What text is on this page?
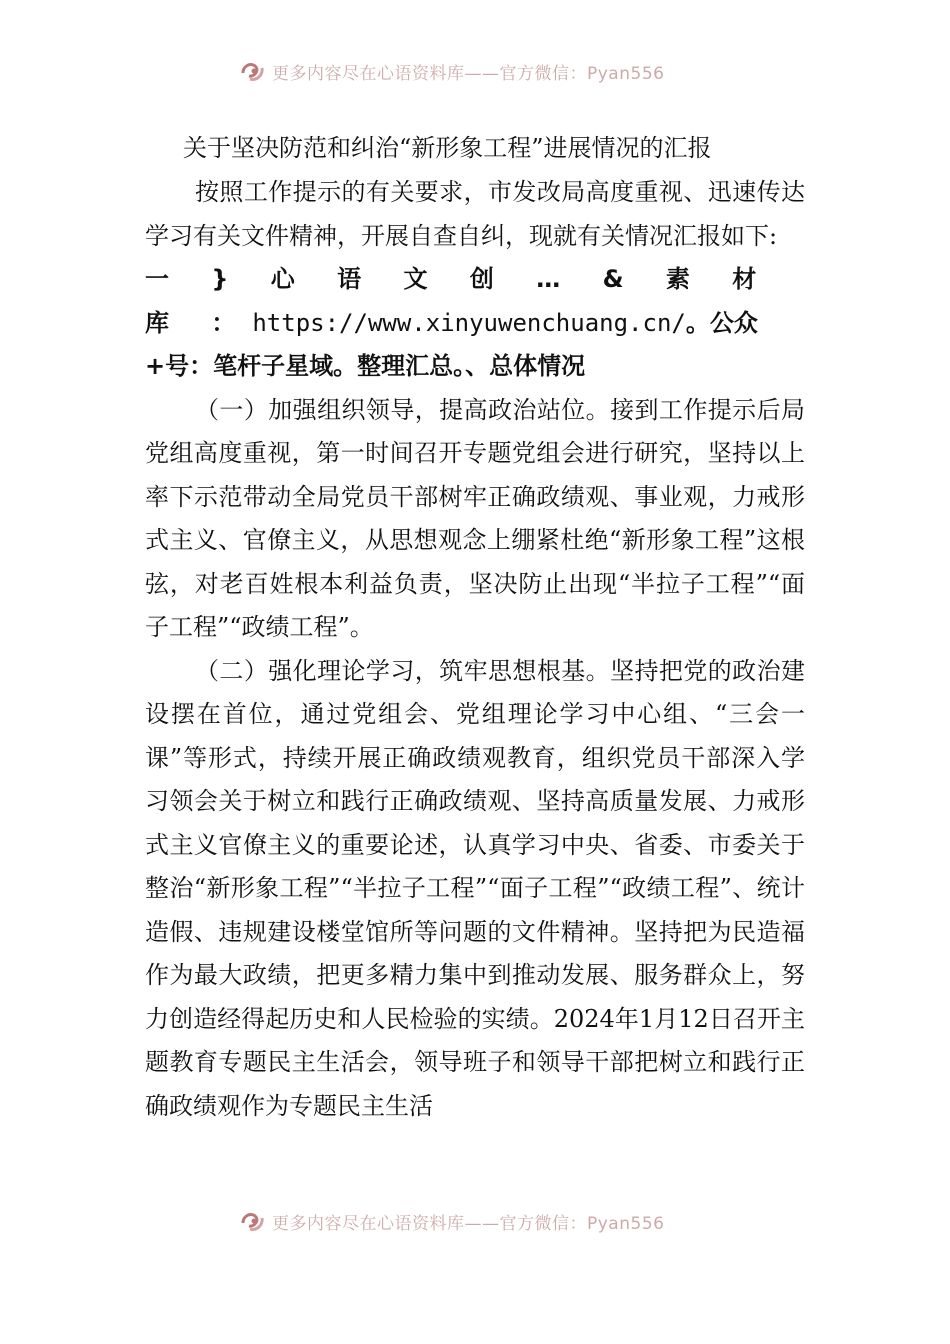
更多内容尽在心语资料库——官方微信：Pyan556
关于坚决防范和纠治“新形象工程”进展情况的汇报

按照工作提示的有关要求，市发改局高度重视、迅速传达学习有关文件精神，开展自查自纠，现就有关情况汇报如下:

一 } 心 语 文 创 … & 素 材 库 ：https://www.xinyuwenchuang.cn/。公众+号：笔杆子星域。整理汇总。、总体情况

（一）加强组织领导，提高政治站位。接到工作提示后局党组高度重视，第一时间召开专题党组会进行研究，坚持以上率下示范带动全局党员干部树牢正确政绩观、事业观，力戒形式主义、官僚主义，从思想观念上绷紧杜绝“新形象工程”这根弦，对老百姓根本利益负责，坚决防止出现“半拉子工程”“面子工程”“政绩工程”。

（二）强化理论学习，筑牢思想根基。坚持把党的政治建设摆在首位，通过党组会、党组理论学习中心组、“三会一课”等形式，持续开展正确政绩观教育，组织党员干部深入学习领会关于树立和践行正确政绩观、坚持高质量发展、力戒形式主义官僚主义的重要论述，认真学习中央、省委、市委关于整治“新形象工程”“半拉子工程”“面子工程”“政绩工程”、统计造假、违规建设楼堂馆所等问题的文件精神。坚持把为民造福作为最大政绩，把更多精力集中到推动发展、服务群众上，努力创造经得起历史和人民检验的实绩。2024年1月12日召开主题教育专题民主生活会，领导班子和领导干部把树立和践行正确政绩观作为专题民主生活

更多内容尽在心语资料库——官方微信：Pyan556
